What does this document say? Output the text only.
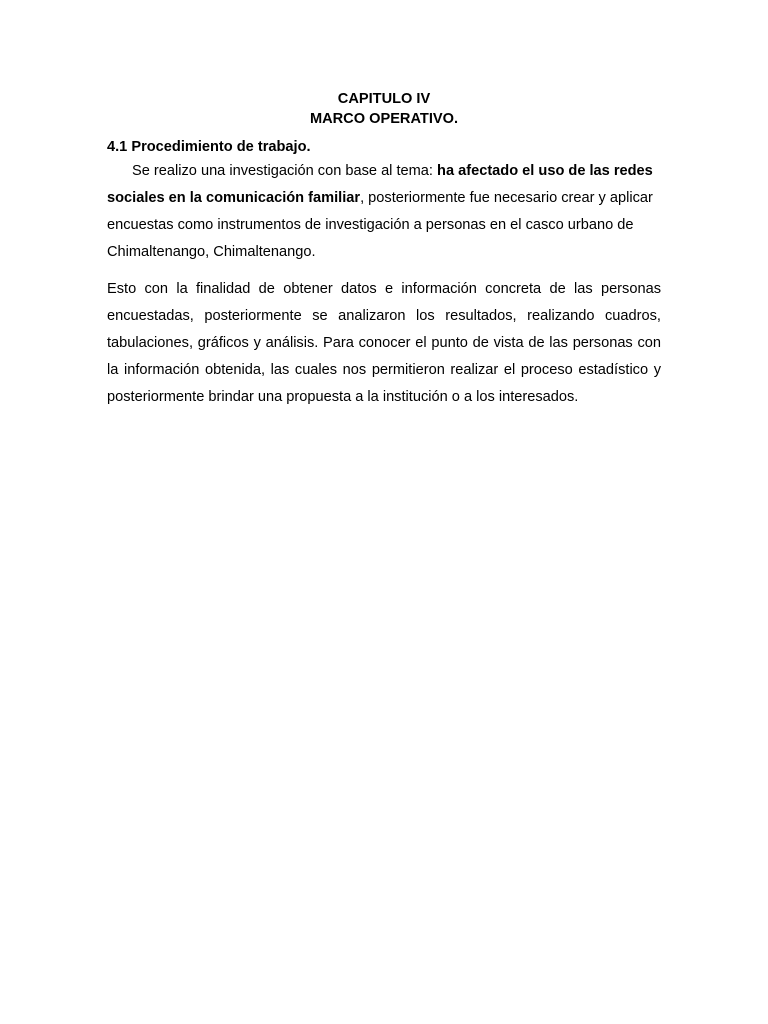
CAPITULO IV
MARCO OPERATIVO.
4.1 Procedimiento de trabajo.

Se realizo una investigación con base al tema: ha afectado el uso de las redes sociales en la comunicación familiar, posteriormente fue necesario crear y aplicar encuestas como instrumentos de investigación a personas en el casco urbano de Chimaltenango, Chimaltenango.

Esto con la finalidad de obtener datos e información concreta de las personas encuestadas, posteriormente se analizaron los resultados, realizando cuadros, tabulaciones, gráficos y análisis. Para conocer el punto de vista de las personas con la información obtenida, las cuales nos permitieron realizar el proceso estadístico y posteriormente brindar una propuesta a la institución o a los interesados.
